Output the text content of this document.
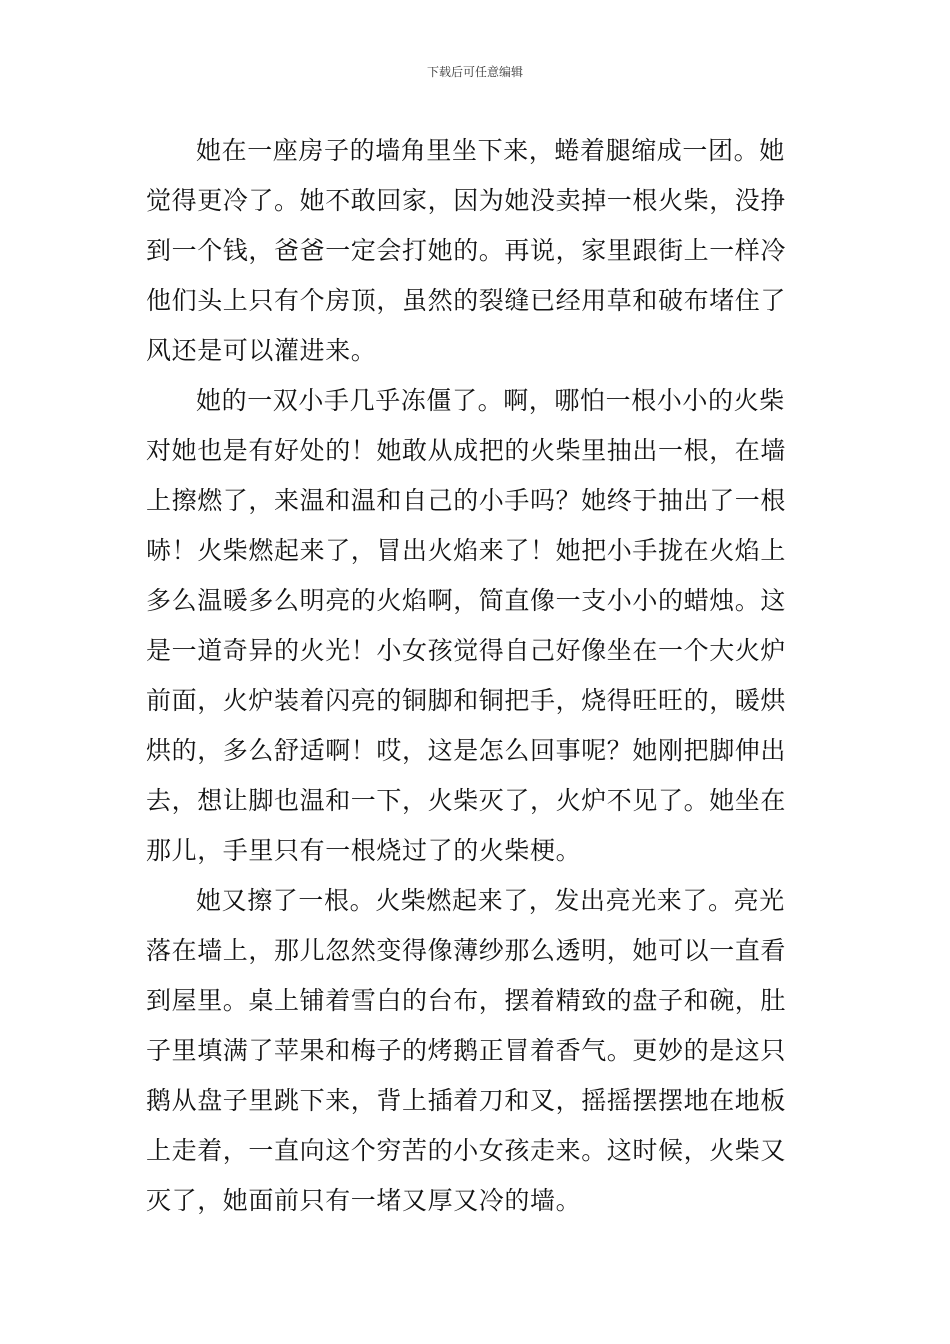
下载后可任意编辑
她在一座房子的墙角里坐下来，蜷着腿缩成一团。她
觉得更冷了。她不敢回家，因为她没卖掉一根火柴，没挣
到一个钱，爸爸一定会打她的。再说，家里跟街上一样冷
他们头上只有个房顶，虽然的裂缝已经用草和破布堵住了
风还是可以灌进来。
她的一双小手几乎冻僵了。啊，哪怕一根小小的火柴
对她也是有好处的！她敢从成把的火柴里抽出一根，在墙
上擦燃了，来温和温和自己的小手吗？她终于抽出了一根
哧！火柴燃起来了，冒出火焰来了！她把小手拢在火焰上
多么温暖多么明亮的火焰啊，简直像一支小小的蜡烛。这
是一道奇异的火光！小女孩觉得自己好像坐在一个大火炉
前面，火炉装着闪亮的铜脚和铜把手，烧得旺旺的，暖烘
烘的，多么舒适啊！哎，这是怎么回事呢？她刚把脚伸出
去，想让脚也温和一下，火柴灭了，火炉不见了。她坐在
那儿，手里只有一根烧过了的火柴梗。
她又擦了一根。火柴燃起来了，发出亮光来了。亮光
落在墙上，那儿忽然变得像薄纱那么透明，她可以一直看
到屋里。桌上铺着雪白的台布，摆着精致的盘子和碗，肚
子里填满了苹果和梅子的烤鹅正冒着香气。更妙的是这只
鹅从盘子里跳下来，背上插着刀和叉，摇摇摆摆地在地板
上走着，一直向这个穷苦的小女孩走来。这时候，火柴又
灭了，她面前只有一堵又厚又冷的墙。
